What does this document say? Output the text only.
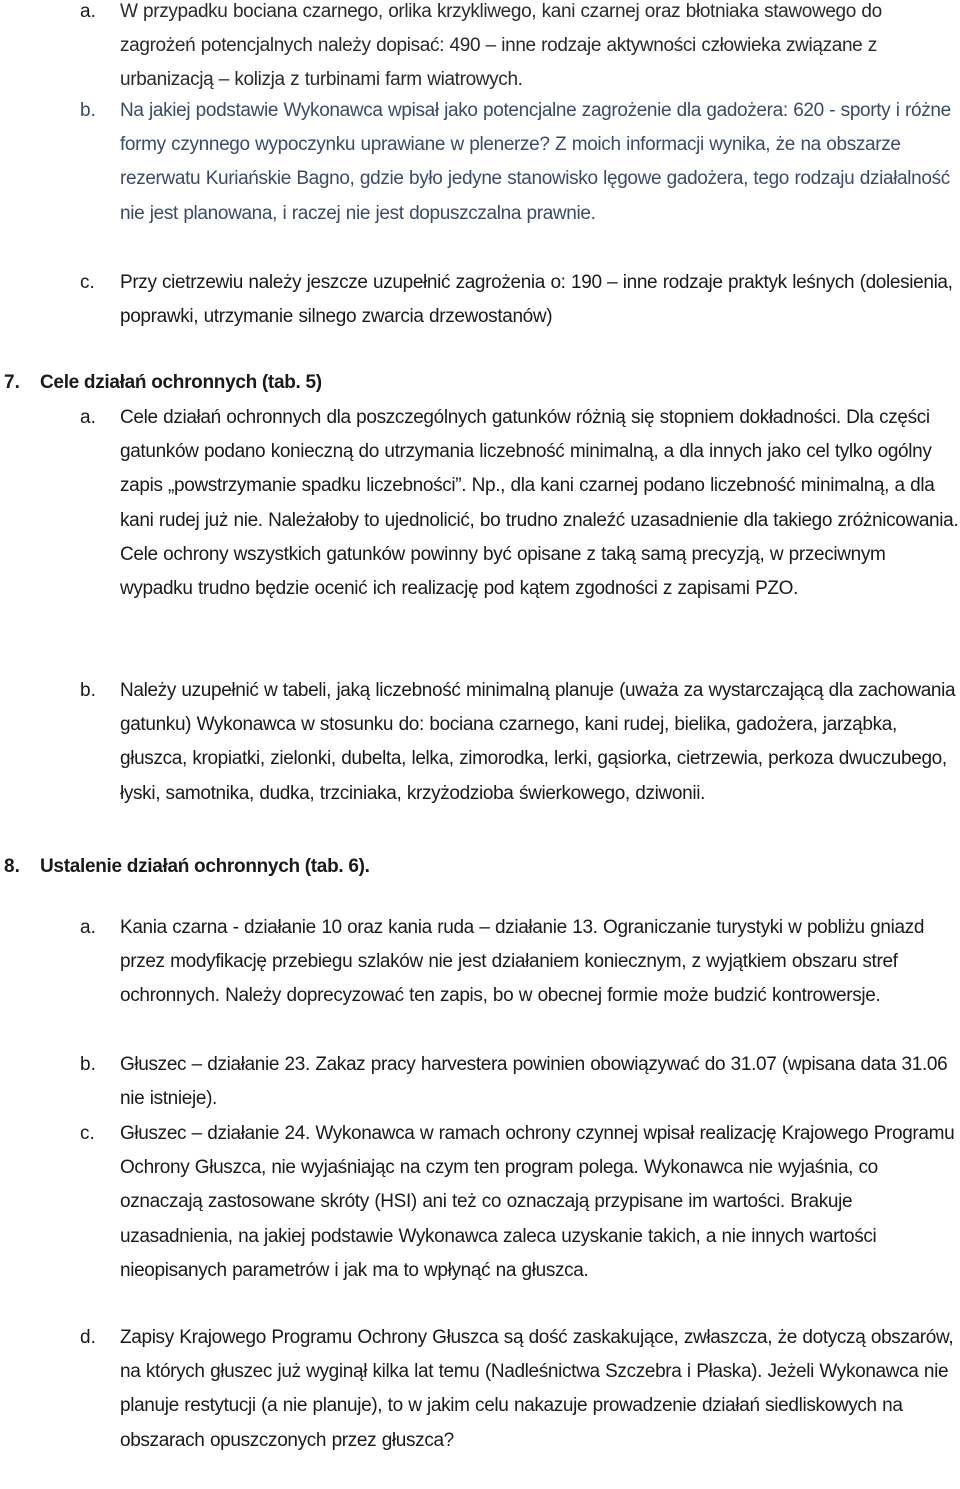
a. W przypadku bociana czarnego, orlika krzykliwego, kani czarnej oraz błotniaka stawowego do zagrożeń potencjalnych należy dopisać: 490 – inne rodzaje aktywności człowieka związane z urbanizacją – kolizja z turbinami farm wiatrowych.
b. Na jakiej podstawie Wykonawca wpisał jako potencjalne zagrożenie dla gadożera: 620 - sporty i różne formy czynnego wypoczynku uprawiane w plenerze? Z moich informacji wynika, że na obszarze rezerwatu Kuriańskie Bagno, gdzie było jedyne stanowisko lęgowe gadożera, tego rodzaju działalność nie jest planowana, i raczej nie jest dopuszczalna prawnie.
c. Przy cietrzewiu należy jeszcze uzupełnić zagrożenia o: 190 – inne rodzaje praktyk leśnych (dolesienia, poprawki, utrzymanie silnego zwarcia drzewostanów)
7. Cele działań ochronnych (tab. 5)
a. Cele działań ochronnych dla poszczególnych gatunków różnią się stopniem dokładności. Dla części gatunków podano konieczną do utrzymania liczebność minimalną, a dla innych jako cel tylko ogólny zapis „powstrzymanie spadku liczebności”. Np., dla kani czarnej podano liczebność minimalną, a dla kani rudej już nie. Należałoby to ujednolicić, bo trudno znaleźć uzasadnienie dla takiego zróżnicowania. Cele ochrony wszystkich gatunków powinny być opisane z taką samą precyzją, w przeciwnym wypadku trudno będzie ocenić ich realizację pod kątem zgodności z zapisami PZO.
b. Należy uzupełnić w tabeli, jaką liczebność minimalną planuje (uważa za wystarczającą dla zachowania gatunku) Wykonawca w stosunku do: bociana czarnego, kani rudej, bielika, gadożera, jarząbka, głuszca, kropiatki, zielonki, dubelta, lelka, zimorodka, lerki, gąsiorka, cietrzewia, perkoza dwuczubego, łyski, samotnika, dudka, trzciniaka, krzyżodzioba świerkowego, dziwonii.
8. Ustalenie działań ochronnych (tab. 6).
a. Kania czarna - działanie 10 oraz kania ruda – działanie 13. Ograniczanie turystyki w pobliżu gniazd przez modyfikację przebiegu szlaków nie jest działaniem koniecznym, z wyjątkiem obszaru stref ochronnych. Należy doprecyzować ten zapis, bo w obecnej formie może budzić kontrowersje.
b. Głuszec – działanie 23. Zakaz pracy harvestera powinien obowiązywać do 31.07 (wpisana data 31.06 nie istnieje).
c. Głuszec – działanie 24. Wykonawca w ramach ochrony czynnej wpisał realizację Krajowego Programu Ochrony Głuszca, nie wyjaśniając na czym ten program polega. Wykonawca nie wyjaśnia, co oznaczają zastosowane skróty (HSI) ani też co oznaczają przypisane im wartości. Brakuje uzasadnienia, na jakiej podstawie Wykonawca zaleca uzyskanie takich, a nie innych wartości nieopisanych parametrów i jak ma to wpłynąć na głuszca.
d. Zapisy Krajowego Programu Ochrony Głuszca są dość zaskakujące, zwłaszcza, że dotyczą obszarów, na których głuszec już wyginął kilka lat temu (Nadleśnictwa Szczebra i Płaska). Jeżeli Wykonawca nie planuje restytucji (a nie planuje), to w jakim celu nakazuje prowadzenie działań siedliskowych na obszarach opuszczonych przez głuszca?
